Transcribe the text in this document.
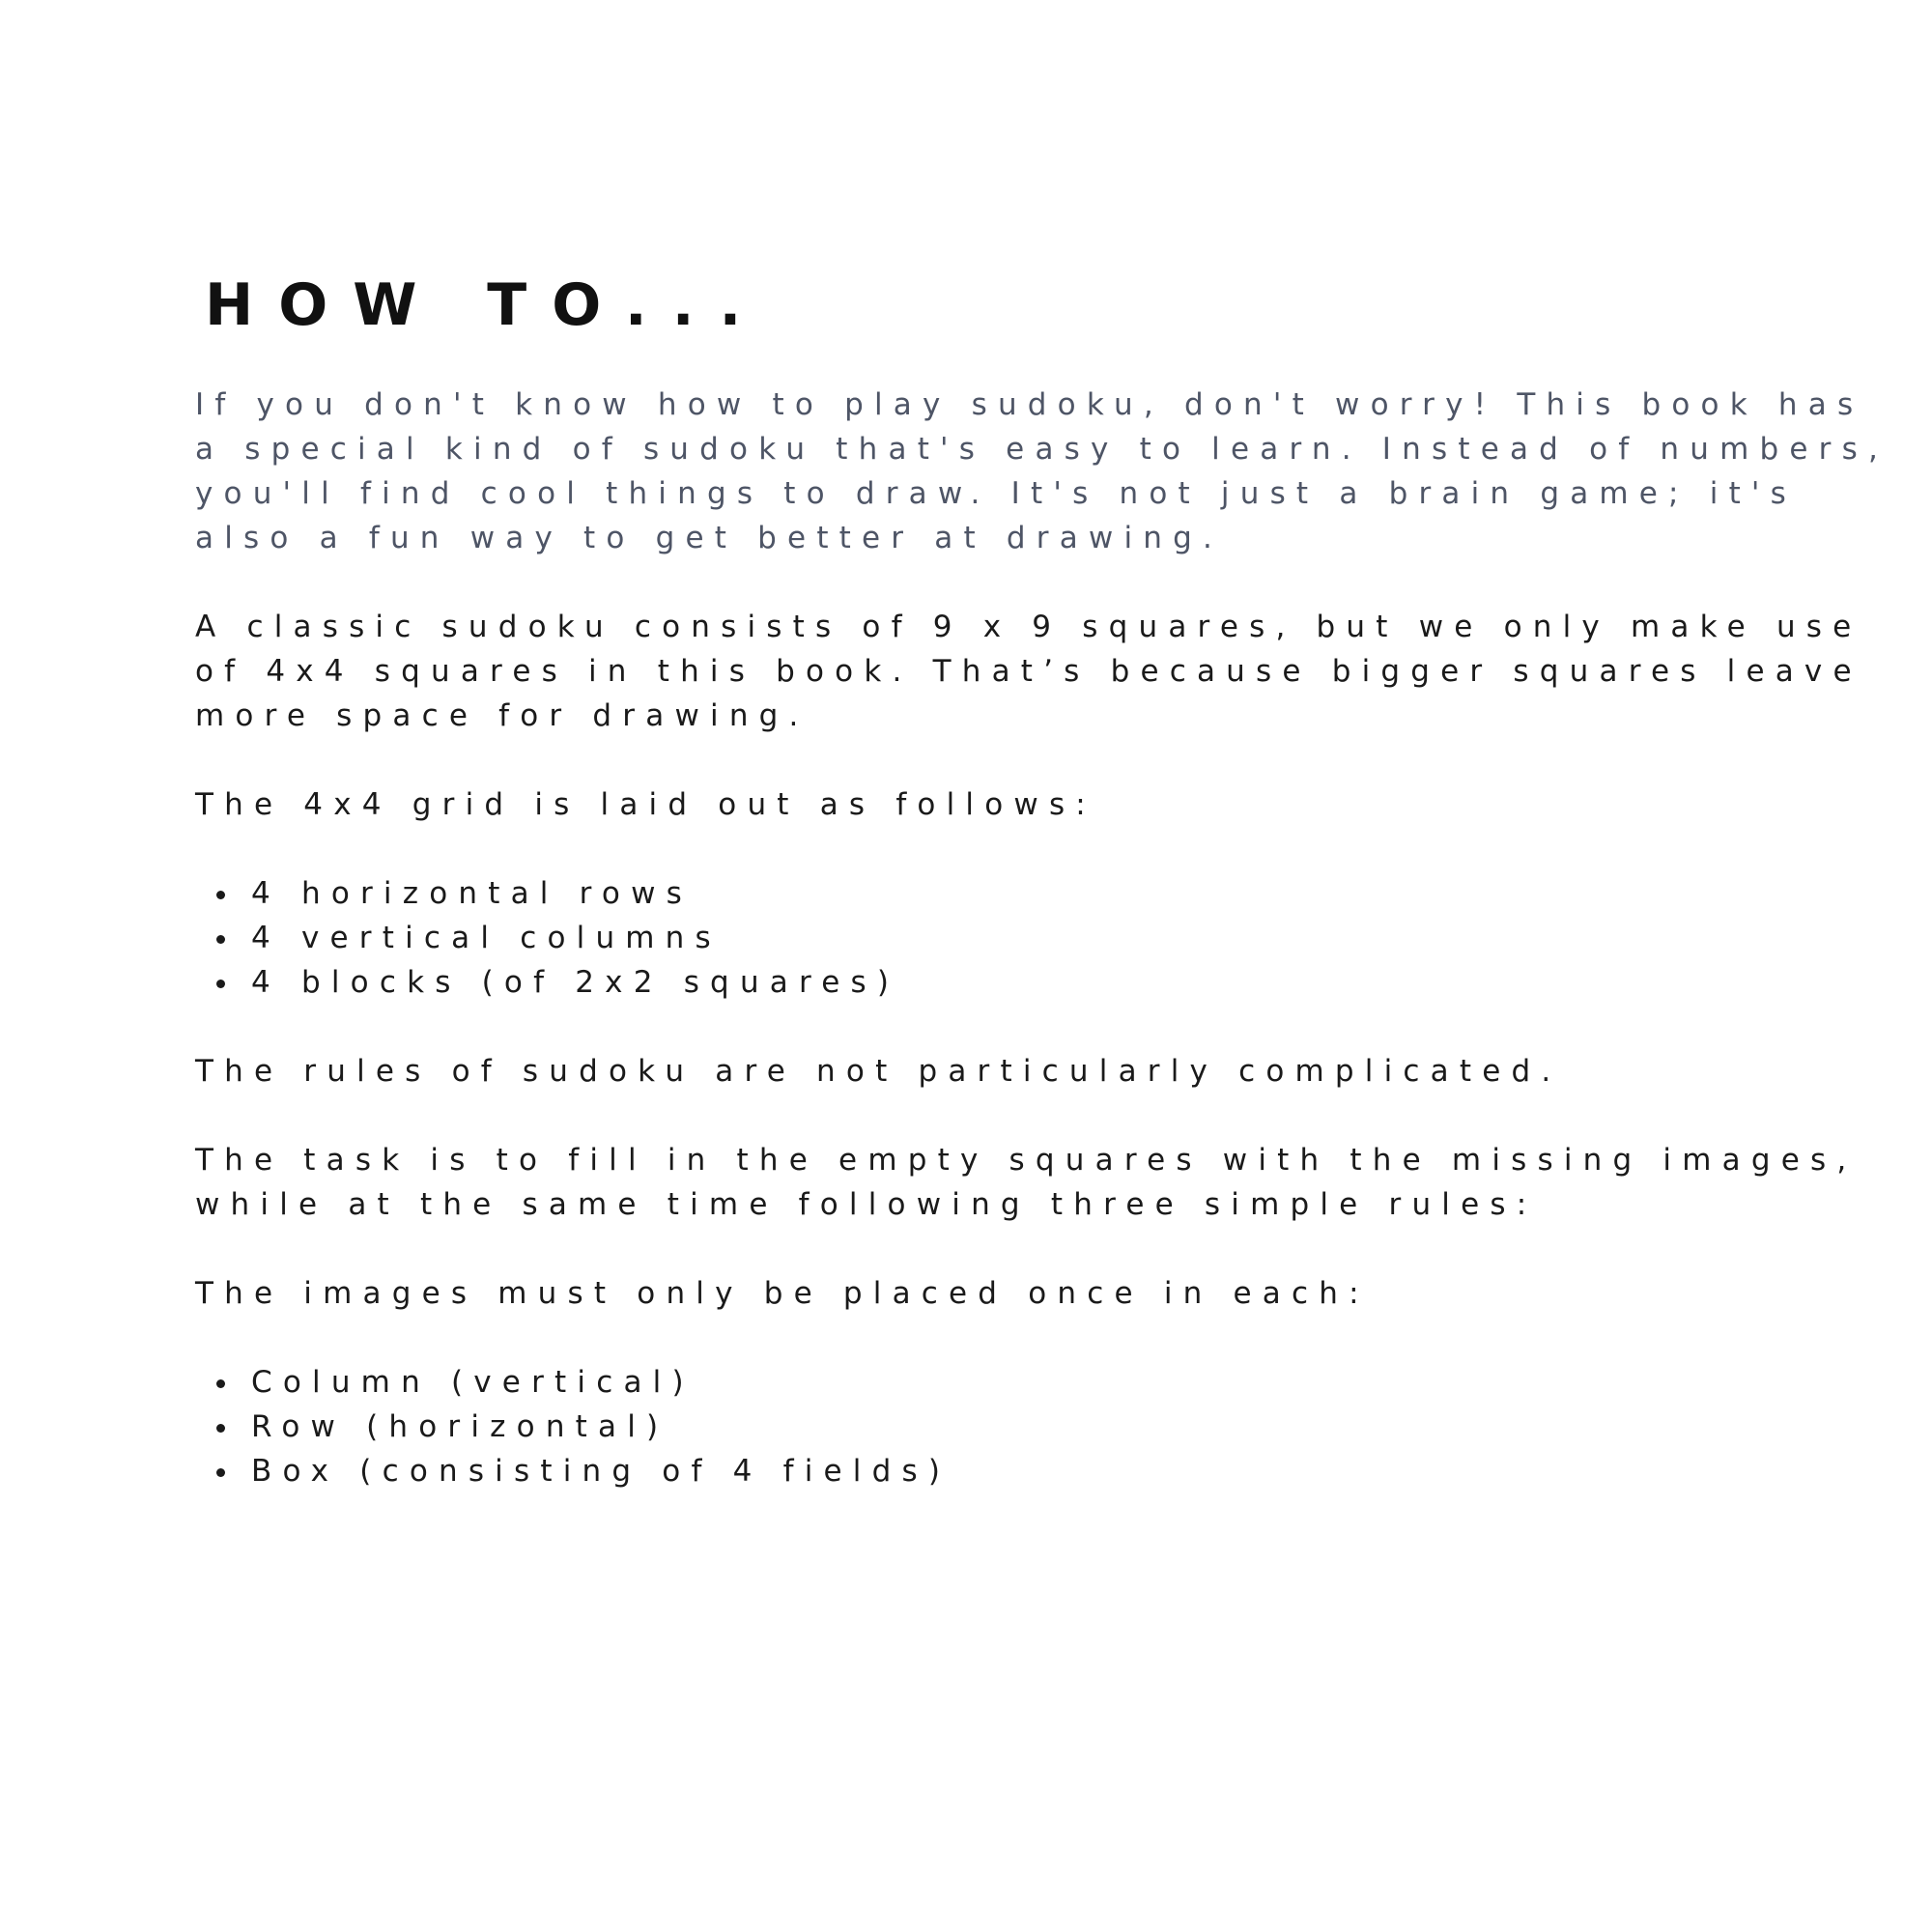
HOW TO...

If you don't know how to play sudoku, don't worry! This book has
a special kind of sudoku that's easy to learn. Instead of numbers,
you'll find cool things to draw. It's not just a brain game; it's
also a fun way to get better at drawing.

A classic sudoku consists of 9 x 9 squares, but we only make use
of 4x4 squares in this book. That’s because bigger squares leave
more space for drawing.

The 4x4 grid is laid out as follows:

4 horizontal rows
4 vertical columns
4 blocks (of 2x2 squares)

The rules of sudoku are not particularly complicated.

The task is to fill in the empty squares with the missing images,
while at the same time following three simple rules:

The images must only be placed once in each:

Column (vertical)
Row (horizontal)
Box (consisting of 4 fields)
